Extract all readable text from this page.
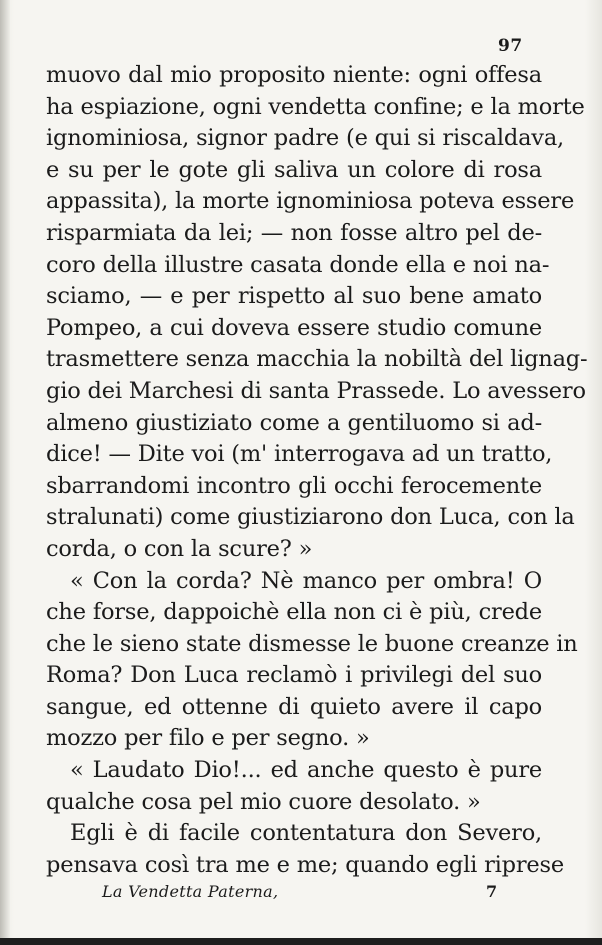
97
muovo dal mio proposito niente: ogni offesa
ha espiazione, ogni vendetta confine; e la morte
ignominiosa, signor padre (e qui si riscaldava,
e su per le gote gli saliva un colore di rosa
appassita), la morte ignominiosa poteva essere
risparmiata da lei; — non fosse altro pel de-
coro della illustre casata donde ella e noi na-
sciamo, — e per rispetto al suo bene amato
Pompeo, a cui doveva essere studio comune
trasmettere senza macchia la nobiltà del lignag-
gio dei Marchesi di santa Prassede. Lo avessero
almeno giustiziato come a gentiluomo si ad-
dice! — Dite voi (m' interrogava ad un tratto,
sbarrandomi incontro gli occhi ferocemente
stralunati) come giustiziarono don Luca, con la
corda, o con la scure? »
« Con la corda? Nè manco per ombra! O
che forse, dappoichè ella non ci è più, crede
che le sieno state dismesse le buone creanze in
Roma? Don Luca reclamò i privilegi del suo
sangue, ed ottenne di quieto avere il capo
mozzo per filo e per segno. »
« Laudato Dio!... ed anche questo è pure
qualche cosa pel mio cuore desolato. »
Egli è di facile contentatura don Severo,
pensava così tra me e me; quando egli riprese
La Vendetta Paterna,	7
